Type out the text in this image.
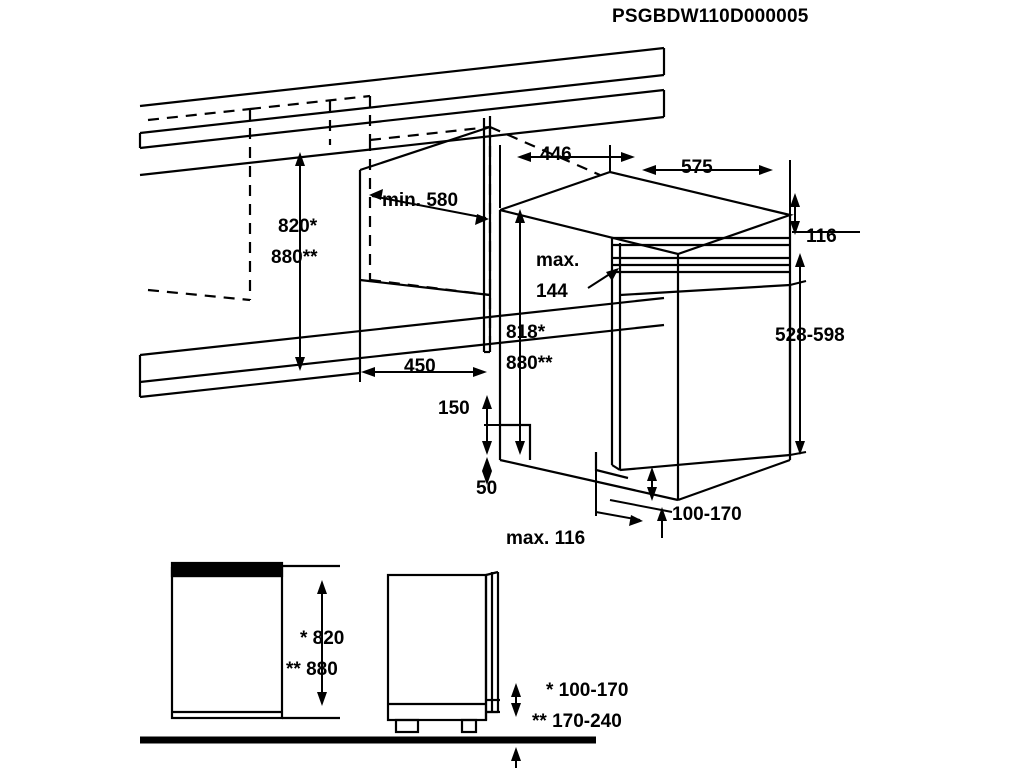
PSGBDW110D000005
820*
880**
min. 580
446
575
116
max.
144
818*
880**
528-598
150
450
50
100-170
max. 116
* 820
** 880
* 100-170
** 170-240
